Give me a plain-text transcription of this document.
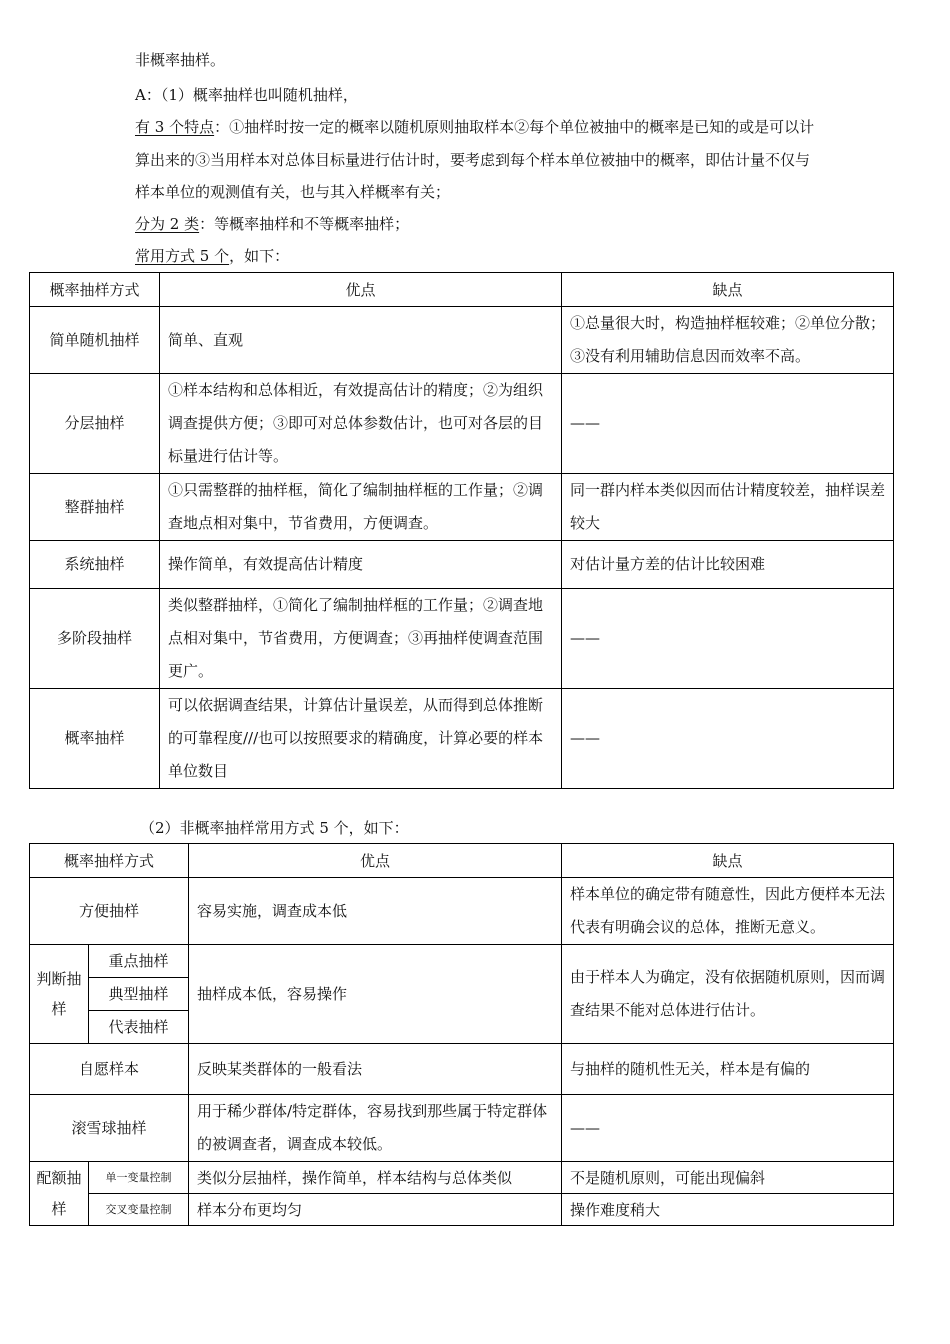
非概率抽样。
A：（1）概率抽样也叫随机抽样，
有 3 个特点：①抽样时按一定的概率以随机原则抽取样本②每个单位被抽中的概率是已知的或是可以计
算出来的③当用样本对总体目标量进行估计时，要考虑到每个样本单位被抽中的概率，即估计量不仅与
样本单位的观测值有关，也与其入样概率有关；
分为 2 类：等概率抽样和不等概率抽样；
常用方式 5 个，如下：
概率抽样方式	优点	缺点
简单随机抽样	简单、直观	①总量很大时，构造抽样框较难；②单位分散；③没有利用辅助信息因而效率不高。
分层抽样	①样本结构和总体相近，有效提高估计的精度；②为组织调查提供方便；③即可对总体参数估计，也可对各层的目标量进行估计等。	——
整群抽样	①只需整群的抽样框，简化了编制抽样框的工作量；②调查地点相对集中，节省费用，方便调查。	同一群内样本类似因而估计精度较差，抽样误差较大
系统抽样	操作简单，有效提高估计精度	对估计量方差的估计比较困难
多阶段抽样	类似整群抽样，①简化了编制抽样框的工作量；②调查地点相对集中，节省费用，方便调查；③再抽样使调查范围更广。	——
概率抽样	可以依据调查结果，计算估计量误差，从而得到总体推断的可靠程度///也可以按照要求的精确度，计算必要的样本单位数目	——
（2）非概率抽样常用方式 5 个，如下：
概率抽样方式		优点	缺点
方便抽样		容易实施，调查成本低	样本单位的确定带有随意性，因此方便样本无法代表有明确会议的总体，推断无意义。
判断抽样	重点抽样	抽样成本低，容易操作	由于样本人为确定，没有依据随机原则，因而调查结果不能对总体进行估计。
	典型抽样		
	代表抽样		
自愿样本		反映某类群体的一般看法	与抽样的随机性无关，样本是有偏的
滚雪球抽样		用于稀少群体/特定群体，容易找到那些属于特定群体的被调查者，调查成本较低。	——
配额抽样	单一变量控制	类似分层抽样，操作简单，样本结构与总体类似	不是随机原则，可能出现偏斜
	交叉变量控制	样本分布更均匀	操作难度稍大
